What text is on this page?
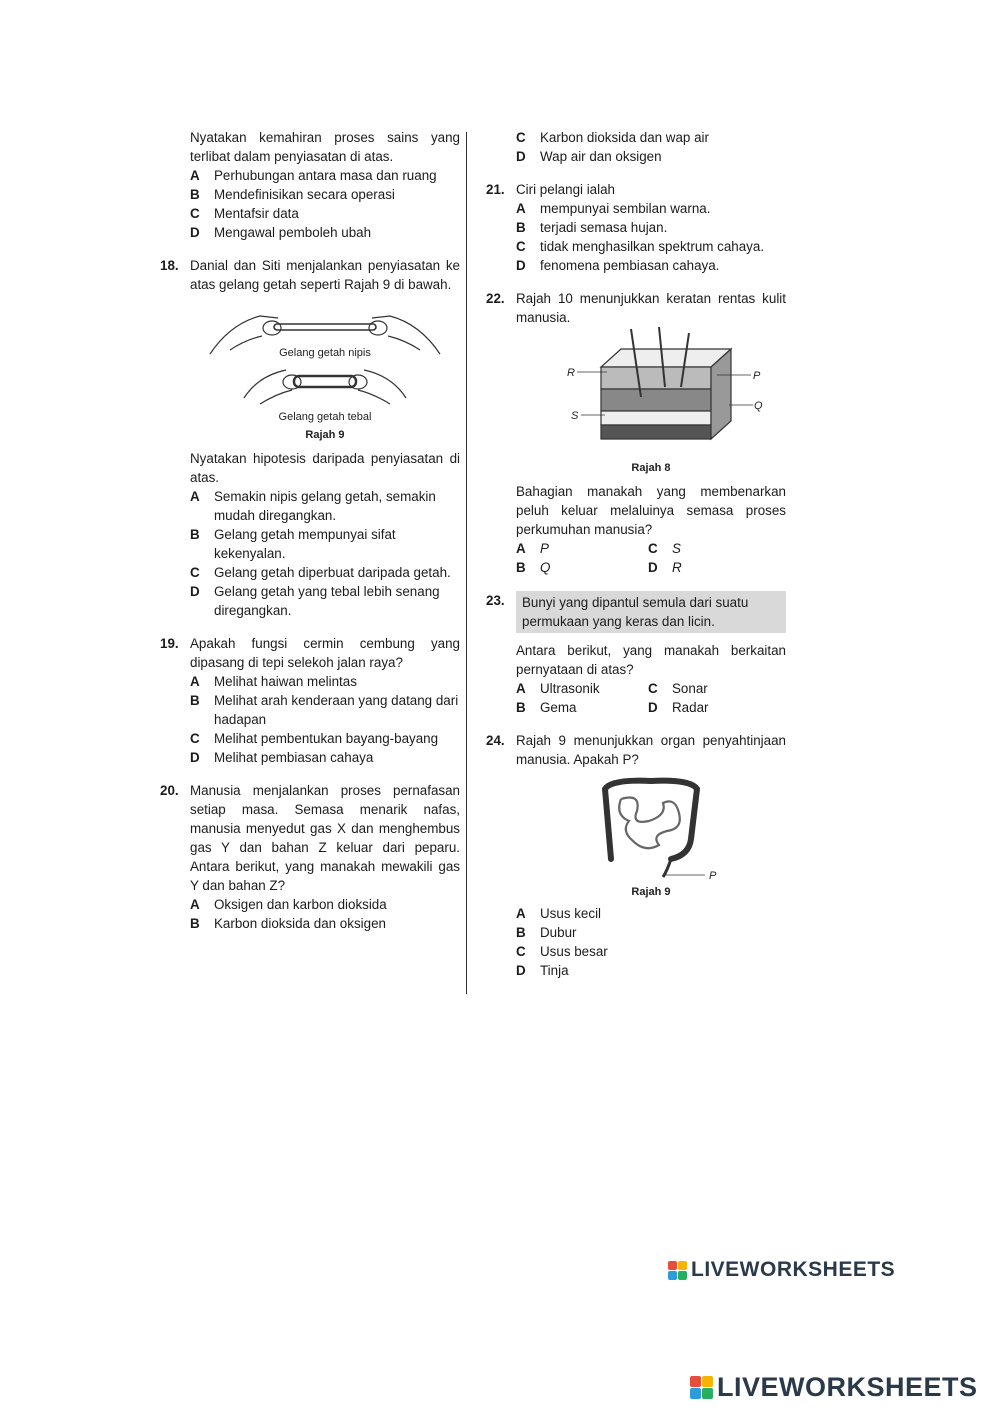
Nyatakan kemahiran proses sains yang terlibat dalam penyiasatan di atas.
A	Perhubungan antara masa dan ruang
B	Mendefinisikan secara operasi
C	Mentafsir data
D	Mengawal pemboleh ubah
18. Danial dan Siti menjalankan penyiasatan ke atas gelang getah seperti Rajah 9 di bawah.
Gelang getah nipis
Gelang getah tebal
Rajah 9
Nyatakan hipotesis daripada penyiasatan di atas.
A	Semakin nipis gelang getah, semakin mudah diregangkan.
B	Gelang getah mempunyai sifat kekenyalan.
C	Gelang getah diperbuat daripada getah.
D	Gelang getah yang tebal lebih senang diregangkan.
19. Apakah fungsi cermin cembung yang dipasang di tepi selekoh jalan raya?
A	Melihat haiwan melintas
B	Melihat arah kenderaan yang datang dari hadapan
C	Melihat pembentukan bayang-bayang
D	Melihat pembiasan cahaya
20. Manusia menjalankan proses pernafasan setiap masa. Semasa menarik nafas, manusia menyedut gas X dan menghembus gas Y dan bahan Z keluar dari peparu. Antara berikut, yang manakah mewakili gas Y dan bahan Z?
A	Oksigen dan karbon dioksida
B	Karbon dioksida dan oksigen
C	Karbon dioksida dan wap air
D	Wap air dan oksigen
21. Ciri pelangi ialah
A	mempunyai sembilan warna.
B	terjadi semasa hujan.
C	tidak menghasilkan spektrum cahaya.
D	fenomena pembiasan cahaya.
22. Rajah 10 menunjukkan keratan rentas kulit manusia.
R	P
S
Q
Rajah 8
Bahagian manakah yang membenarkan peluh keluar melaluinya semasa proses perkumuhan manusia?
A	P	C	S
B	Q	D	R
23. Bunyi yang dipantul semula dari suatu permukaan yang keras dan licin.
Antara berikut, yang manakah berkaitan pernyataan di atas?
A	Ultrasonik	C	Sonar
B	Gema	D	Radar
24. Rajah 9 menunjukkan organ penyahtinjaan manusia. Apakah P?
P
Rajah 9
A	Usus kecil
B	Dubur
C	Usus besar
D	Tinja
LIVEWORKSHEETS
LIVEWORKSHEETS
